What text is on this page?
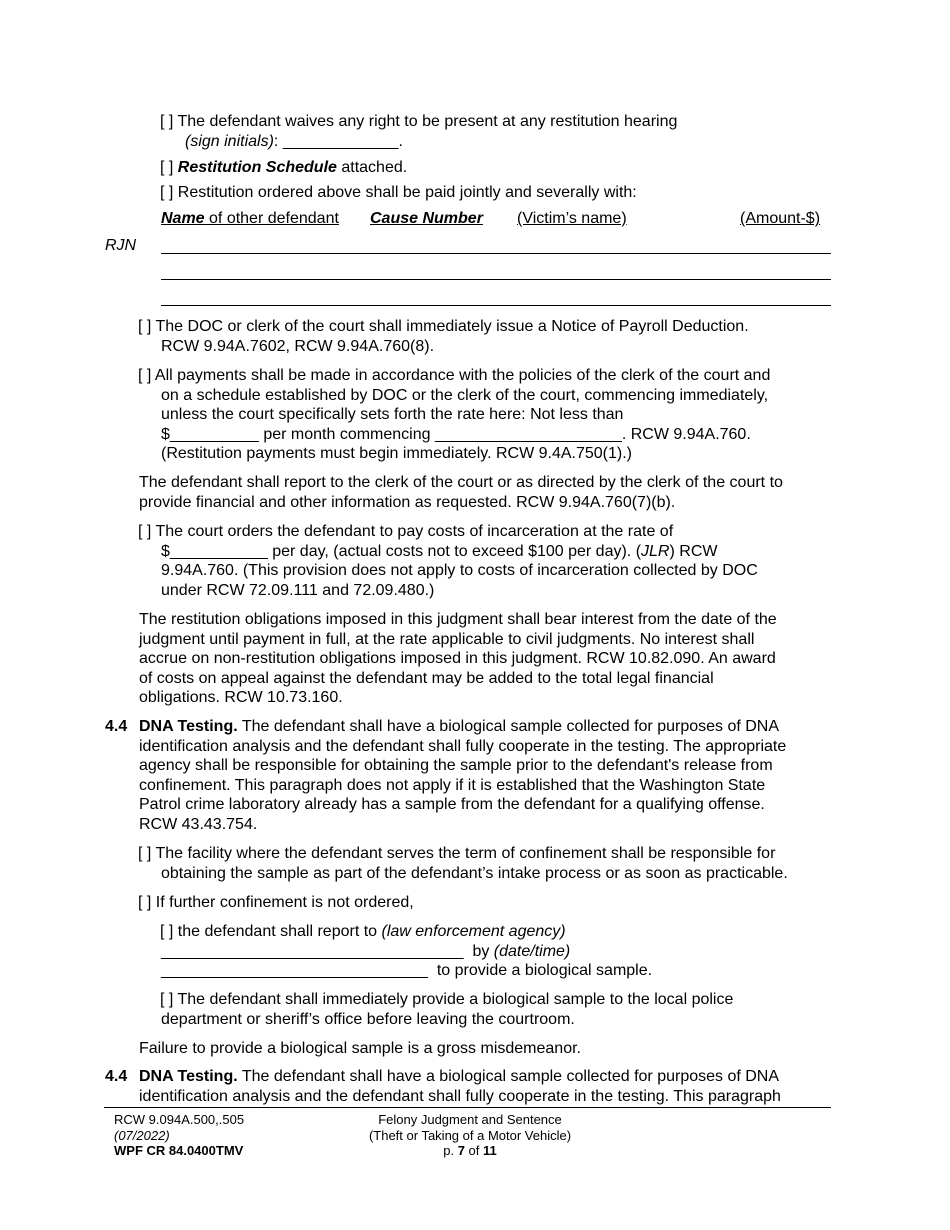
[ ] The defendant waives any right to be present at any restitution hearing
(sign initials): _____________.
[ ] Restitution Schedule attached.
[ ] Restitution ordered above shall be paid jointly and severally with:
Name of other defendant Cause Number (Victim’s name)	(Amount-$)
RJN
[ ] The DOC or clerk of the court shall immediately issue a Notice of Payroll Deduction.
RCW 9.94A.7602, RCW 9.94A.760(8).
[ ] All payments shall be made in accordance with the policies of the clerk of the court and
on a schedule established by DOC or the clerk of the court, commencing immediately,
unless the court specifically sets forth the rate here: Not less than
$__________ per month commencing _____________________. RCW 9.94A.760.
(Restitution payments must begin immediately. RCW 9.4A.750(1).)
The defendant shall report to the clerk of the court or as directed by the clerk of the court to
provide financial and other information as requested. RCW 9.94A.760(7)(b).
[ ] The court orders the defendant to pay costs of incarceration at the rate of
$___________ per day, (actual costs not to exceed $100 per day). (JLR) RCW
9.94A.760. (This provision does not apply to costs of incarceration collected by DOC
under RCW 72.09.111 and 72.09.480.)
The restitution obligations imposed in this judgment shall bear interest from the date of the
judgment until payment in full, at the rate applicable to civil judgments. No interest shall
accrue on non-restitution obligations imposed in this judgment. RCW 10.82.090. An award
of costs on appeal against the defendant may be added to the total legal financial
obligations. RCW 10.73.160.
4.4 DNA Testing. The defendant shall have a biological sample collected for purposes of DNA
identification analysis and the defendant shall fully cooperate in the testing. The appropriate
agency shall be responsible for obtaining the sample prior to the defendant's release from
confinement. This paragraph does not apply if it is established that the Washington State
Patrol crime laboratory already has a sample from the defendant for a qualifying offense.
RCW 43.43.754.
[ ] The facility where the defendant serves the term of confinement shall be responsible for
obtaining the sample as part of the defendant’s intake process or as soon as practicable.
[ ] If further confinement is not ordered,
[ ] the defendant shall report to (law enforcement agency)
__________________________________  by (date/time)
______________________________  to provide a biological sample.
[ ] The defendant shall immediately provide a biological sample to the local police
department or sheriff’s office before leaving the courtroom.
Failure to provide a biological sample is a gross misdemeanor.
4.4 DNA Testing. The defendant shall have a biological sample collected for purposes of DNA
identification analysis and the defendant shall fully cooperate in the testing. This paragraph
RCW 9.094A.500,.505
(07/2022)
WPF CR 84.0400TMV
Felony Judgment and Sentence
(Theft or Taking of a Motor Vehicle)
p. 7 of 11
